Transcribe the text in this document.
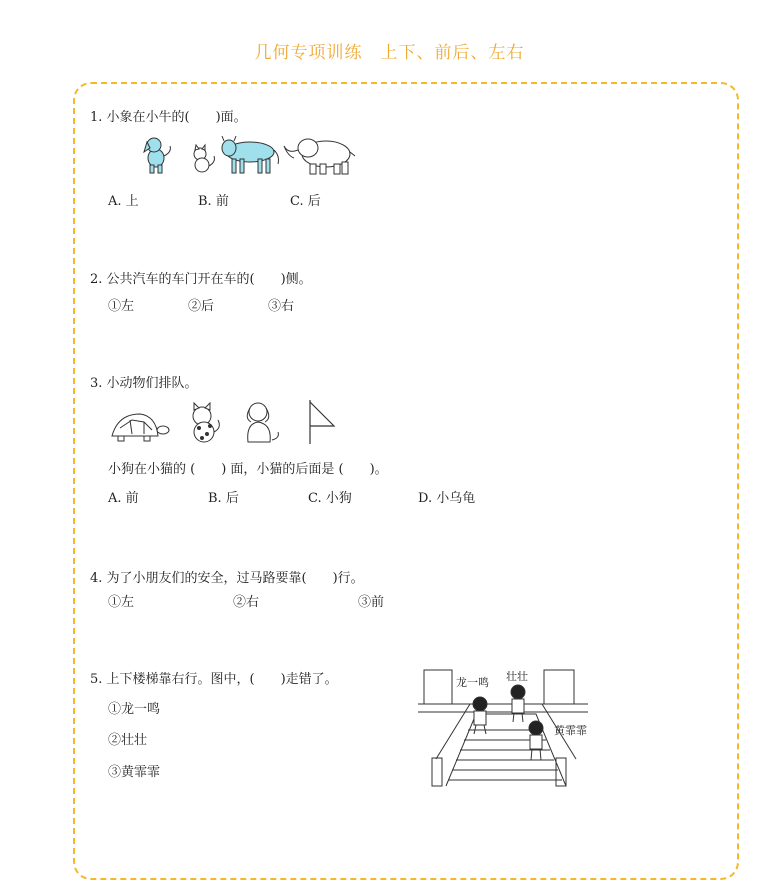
几何专项训练　上下、前后、左右
1. 小象在小牛的(　　)面。
A. 上	B. 前	C. 后
2. 公共汽车的车门开在车的(　　)侧。
①左	②后	③右
3. 小动物们排队。
小狗在小猫的 (　　) 面，小猫的后面是 (　　)。
A. 前	B. 后	C. 小狗	D. 小乌龟
4. 为了小朋友们的安全，过马路要靠(　　)行。
①左	②右	③前
5. 上下楼梯靠右行。图中，(　　)走错了。
①龙一鸣
②壮壮
③黄霏霏
龙一鸣 壮壮
黄霏霏
